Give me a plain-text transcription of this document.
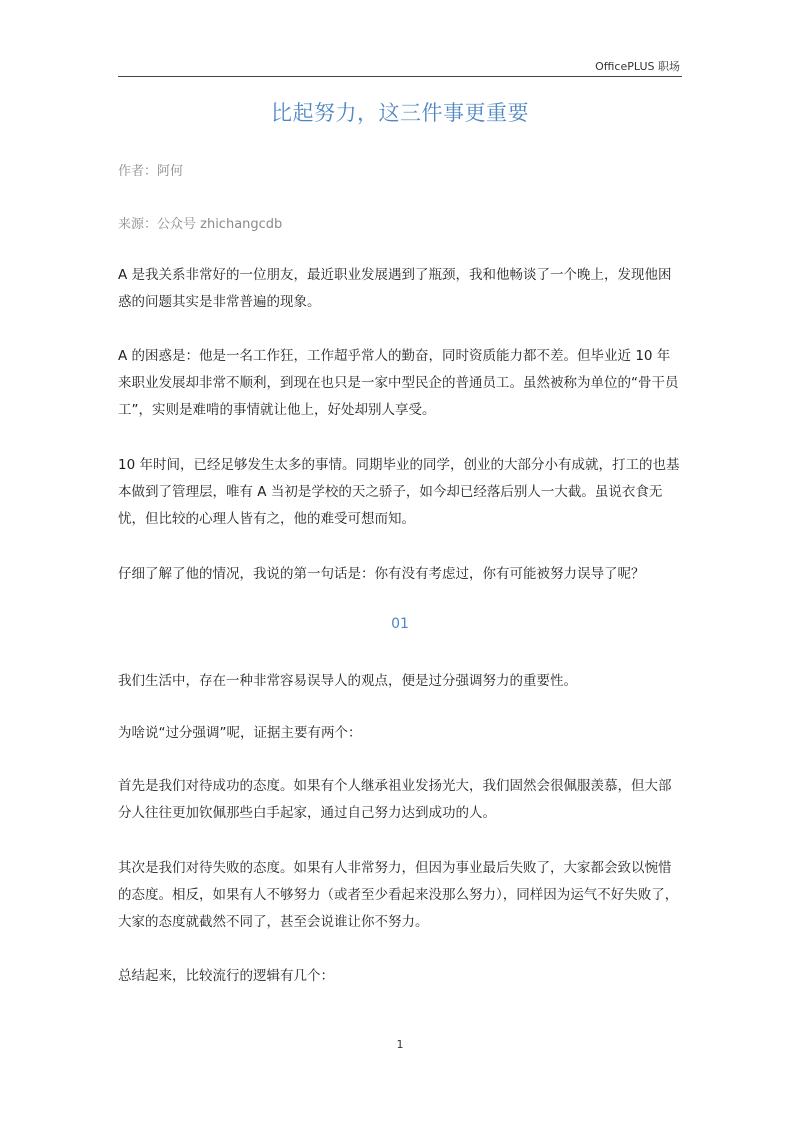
OfficePLUS 职场
比起努力，这三件事更重要
作者：阿何
来源：公众号 zhichangcdb
A 是我关系非常好的一位朋友，最近职业发展遇到了瓶颈，我和他畅谈了一个晚上，发现他困惑的问题其实是非常普遍的现象。
A 的困惑是：他是一名工作狂，工作超乎常人的勤奋，同时资质能力都不差。但毕业近 10 年来职业发展却非常不顺利，到现在也只是一家中型民企的普通员工。虽然被称为单位的“骨干员工”，实则是难啃的事情就让他上，好处却别人享受。
10 年时间，已经足够发生太多的事情。同期毕业的同学，创业的大部分小有成就，打工的也基本做到了管理层，唯有 A 当初是学校的天之骄子，如今却已经落后别人一大截。虽说衣食无忧，但比较的心理人皆有之，他的难受可想而知。
仔细了解了他的情况，我说的第一句话是：你有没有考虑过，你有可能被努力误导了呢？
01
我们生活中，存在一种非常容易误导人的观点，便是过分强调努力的重要性。
为啥说“过分强调”呢，证据主要有两个：
首先是我们对待成功的态度。如果有个人继承祖业发扬光大，我们固然会很佩服羡慕，但大部分人往往更加钦佩那些白手起家，通过自己努力达到成功的人。
其次是我们对待失败的态度。如果有人非常努力，但因为事业最后失败了，大家都会致以惋惜的态度。相反，如果有人不够努力（或者至少看起来没那么努力），同样因为运气不好失败了，大家的态度就截然不同了，甚至会说谁让你不努力。
总结起来，比较流行的逻辑有几个：
1
